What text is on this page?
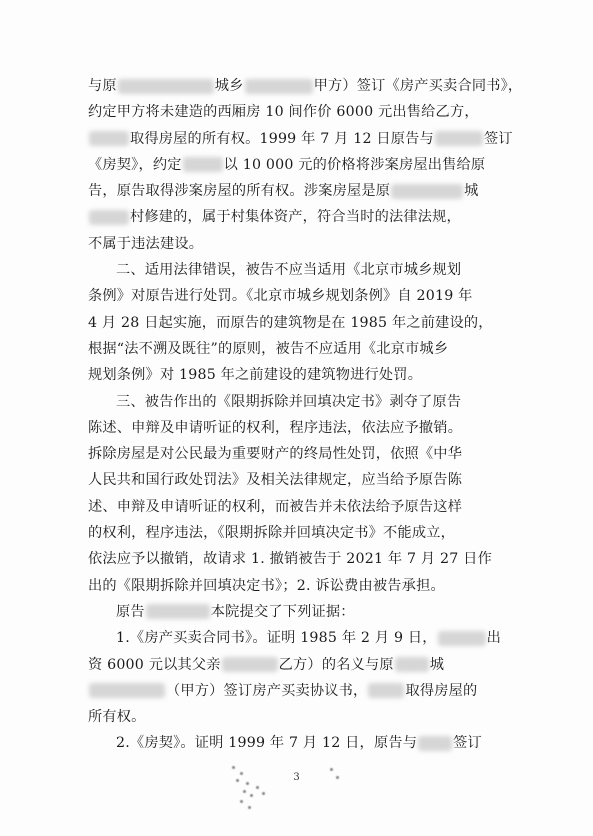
与原	城乡	甲方）签订《房产买卖合同书》，
约定甲方将未建造的西厢房 10 间作价 6000 元出售给乙方，
取得房屋的所有权。1999 年 7 月 12 日原告与	签订
《房契》，约定	以 10 000 元的价格将涉案房屋出售给原
告，原告取得涉案房屋的所有权。涉案房屋是原	城
村修建的，属于村集体资产，符合当时的法律法规，
不属于违法建设。
二、适用法律错误，被告不应当适用《北京市城乡规划
条例》对原告进行处罚。《北京市城乡规划条例》自 2019 年
4 月 28 日起实施，而原告的建筑物是在 1985 年之前建设的，
根据“法不溯及既往”的原则，被告不应适用《北京市城乡
规划条例》对 1985 年之前建设的建筑物进行处罚。
三、被告作出的《限期拆除并回填决定书》剥夺了原告
陈述、申辩及申请听证的权利，程序违法，依法应予撤销。
拆除房屋是对公民最为重要财产的终局性处罚，依照《中华
人民共和国行政处罚法》及相关法律规定，应当给予原告陈
述、申辩及申请听证的权利，而被告并未依法给予原告这样
的权利，程序违法，《限期拆除并回填决定书》不能成立，
依法应予以撤销，故请求 1. 撤销被告于 2021 年 7 月 27 日作
出的《限期拆除并回填决定书》；2. 诉讼费由被告承担。
原告	本院提交了下列证据：
1.《房产买卖合同书》。证明 1985 年 2 月 9 日，	出
资 6000 元以其父亲	乙方）的名义与原	城
（甲方）签订房产买卖协议书，	取得房屋的
所有权。
2.《房契》。证明 1999 年 7 月 12 日，原告与	签订
3
